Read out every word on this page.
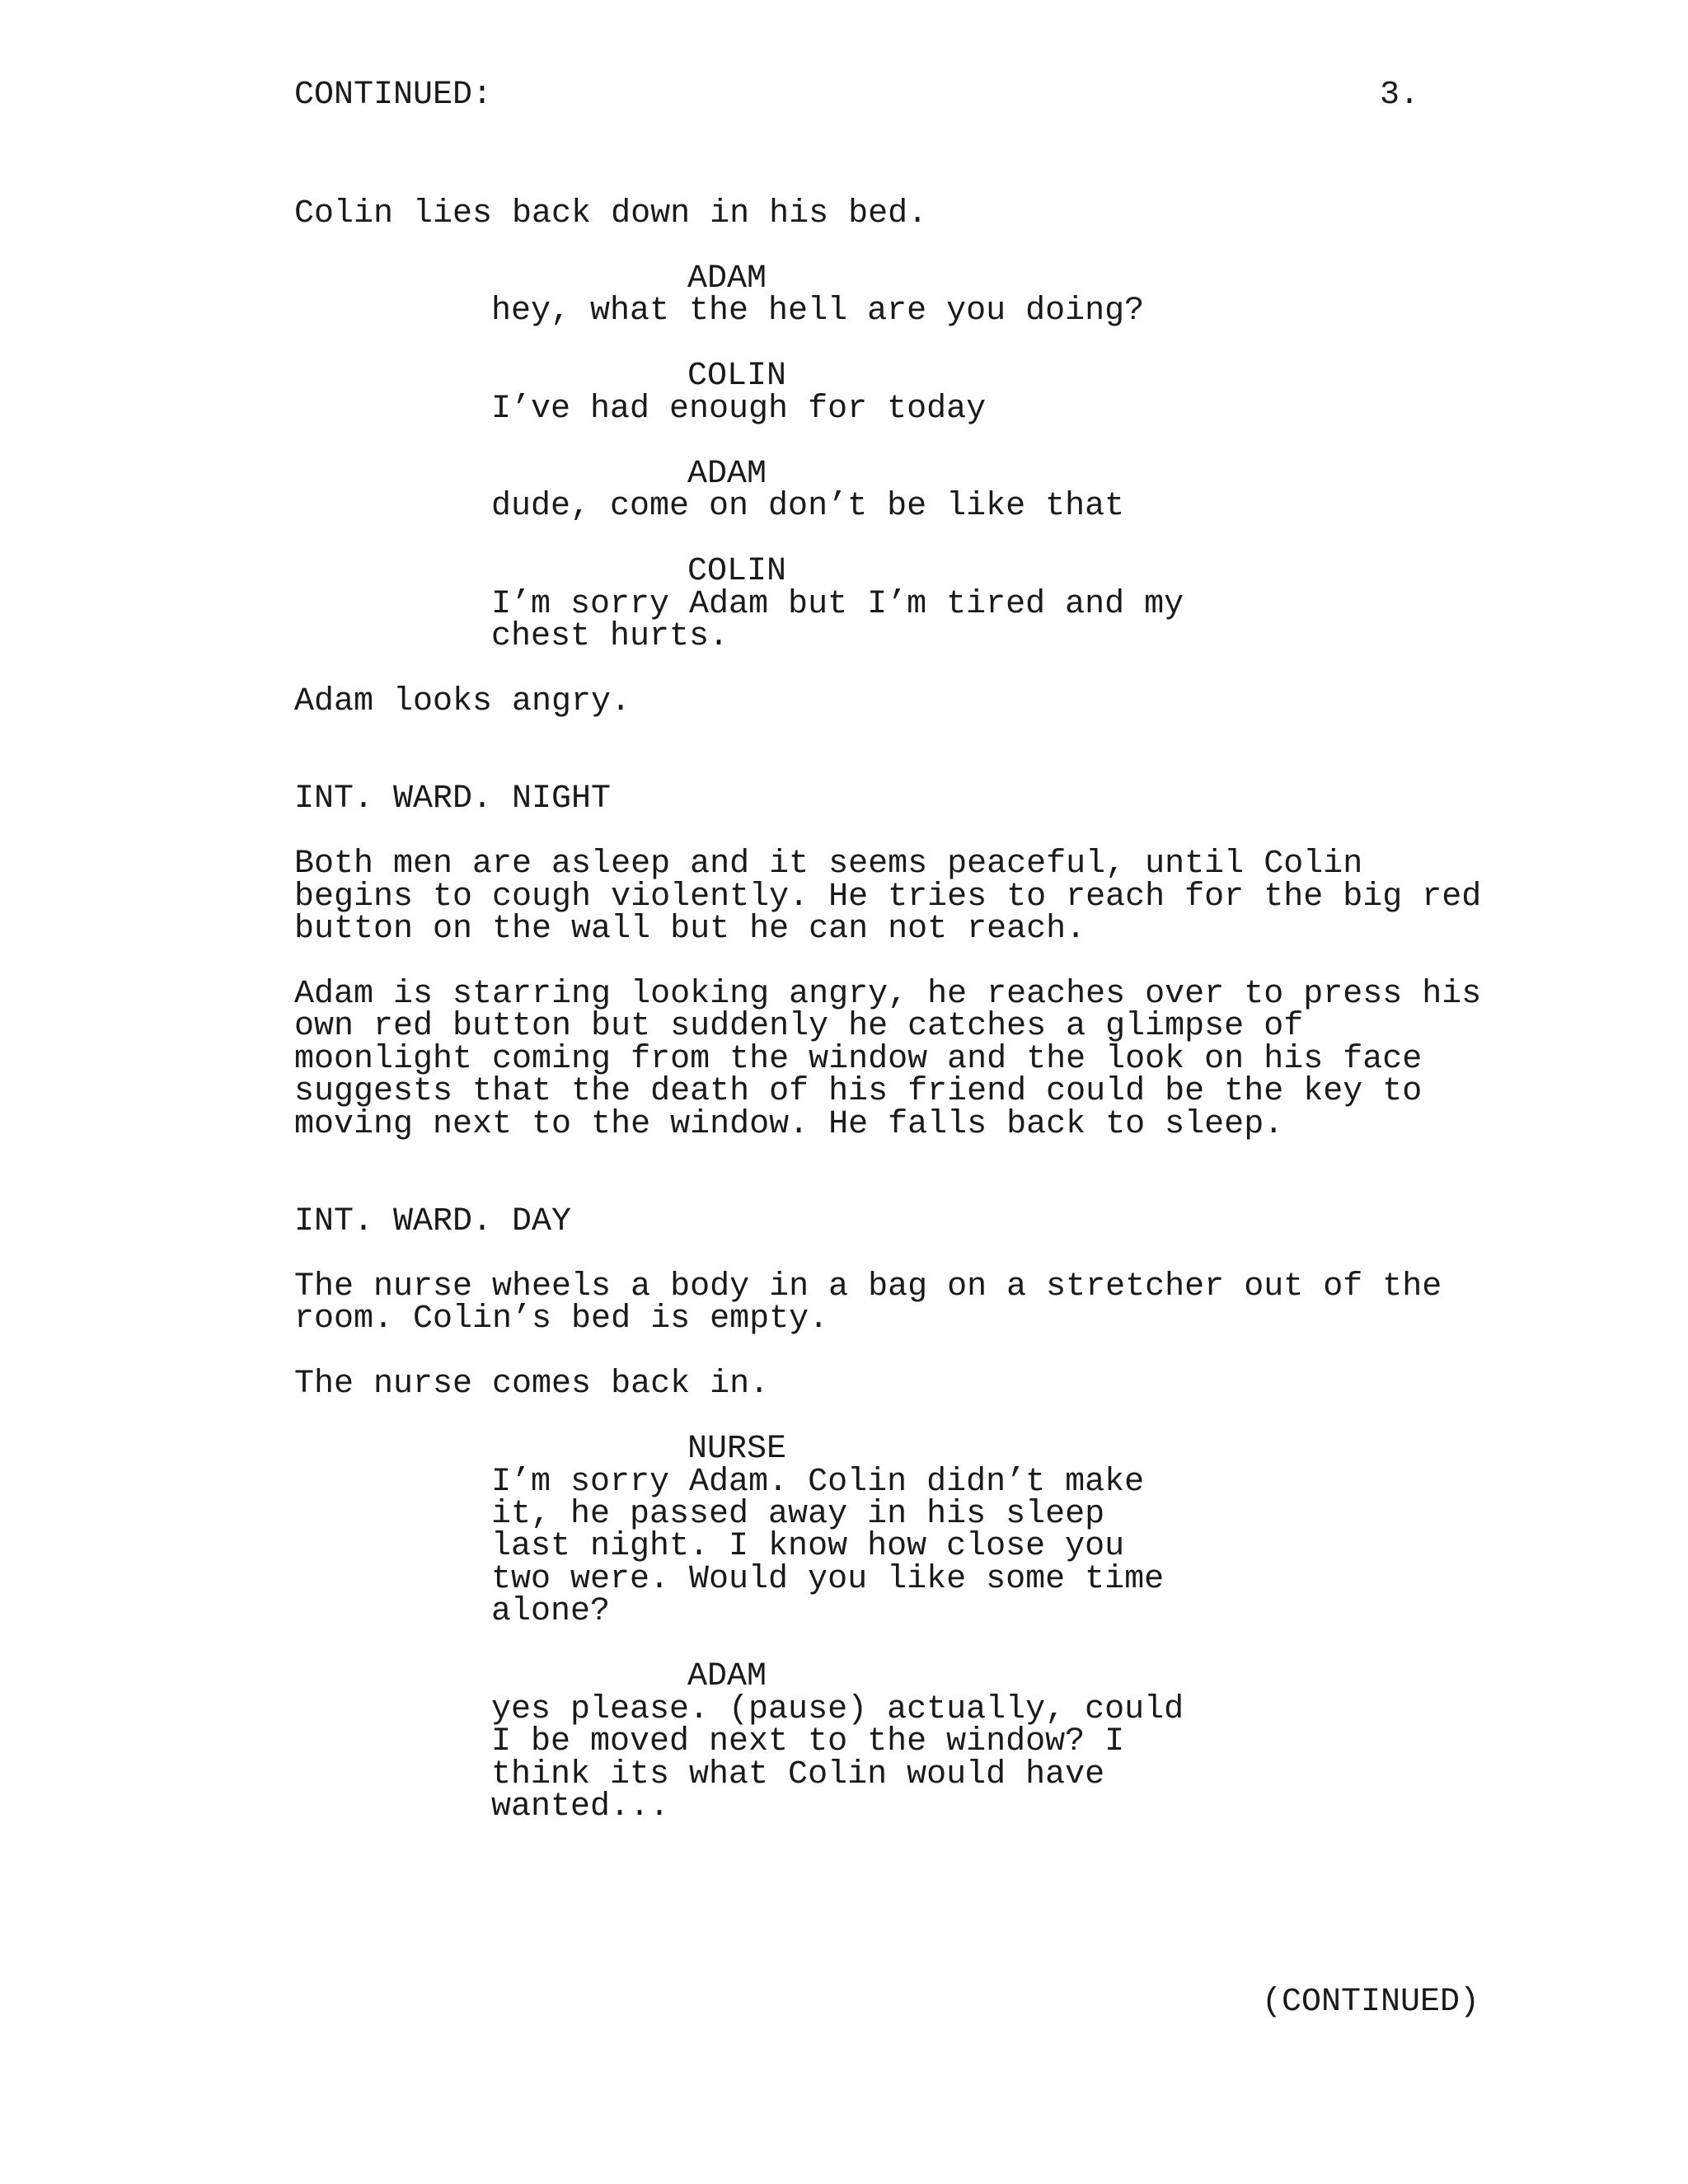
CONTINUED:	3.
Colin lies back down in his bed.
ADAM
hey, what the hell are you doing?
COLIN
I’ve had enough for today
ADAM
dude, come on don’t be like that
COLIN
I’m sorry Adam but I’m tired and my
chest hurts.
Adam looks angry.
INT. WARD. NIGHT
Both men are asleep and it seems peaceful, until Colin
begins to cough violently. He tries to reach for the big red
button on the wall but he can not reach.
Adam is starring looking angry, he reaches over to press his
own red button but suddenly he catches a glimpse of
moonlight coming from the window and the look on his face
suggests that the death of his friend could be the key to
moving next to the window. He falls back to sleep.
INT. WARD. DAY
The nurse wheels a body in a bag on a stretcher out of the
room. Colin’s bed is empty.
The nurse comes back in.
NURSE
I’m sorry Adam. Colin didn’t make
it, he passed away in his sleep
last night. I know how close you
two were. Would you like some time
alone?
ADAM
yes please. (pause) actually, could
I be moved next to the window? I
think its what Colin would have
wanted...
(CONTINUED)
